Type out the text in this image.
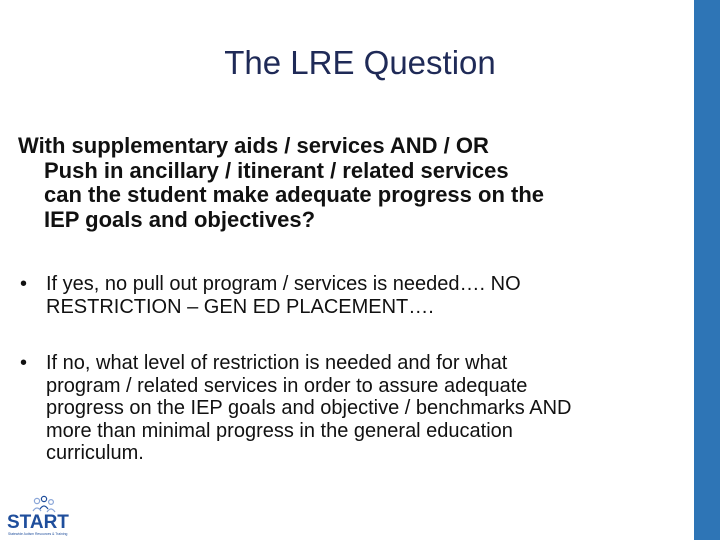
The LRE Question
With supplementary aids / services AND / OR
Push in ancillary / itinerant / related services
can the student make adequate progress on the
IEP goals and objectives?
• If yes, no pull out program / services is needed…. NO
RESTRICTION – GEN ED PLACEMENT….
• If no, what level of restriction is needed and for what
program / related services in order to assure adequate
progress on the IEP goals and objective / benchmarks AND
more than minimal progress in the general education
curriculum.
START
Statewide Autism Resources & Training
